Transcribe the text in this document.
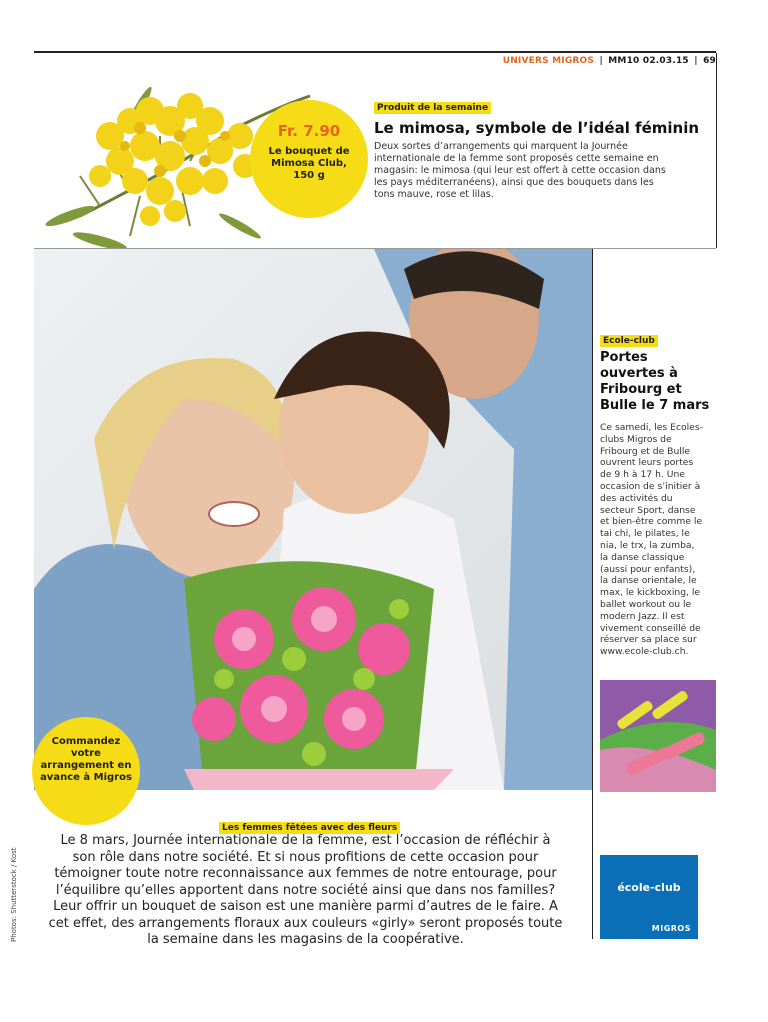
UNIVERS MIGROS | MM10 02.03.15 | 69
Fr. 7.90
Le bouquet de Mimosa Club, 150 g
Produit de la semaine
Le mimosa, symbole de l’idéal féminin
Deux sortes d’arrangements qui marquent la Journée internationale de la femme sont proposés cette semaine en magasin: le mimosa (qui leur est offert à cette occasion dans les pays méditerranéens), ainsi que des bouquets dans les tons mauve, rose et lilas.
Ecole-club
Portes ouvertes à Fribourg et Bulle le 7 mars
Ce samedi, les Ecoles-clubs Migros de Fribourg et de Bulle ouvrent leurs portes de 9 h à 17 h. Une occasion de s’initier à des activités du secteur Sport, danse et bien-être comme le tai chi, le pilates, le nia, le trx, la zumba, la danse classique (aussi pour enfants), la danse orientale, le max, le kickboxing, le ballet workout ou le modern Jazz. Il est vivement conseillé de réserver sa place sur www.ecole-club.ch.
école-club
MIGROS
Commandez votre arrangement en avance à Migros
Photos: Shutterstock / Kost
Les femmes fêtées avec des fleurs
Le 8 mars, Journée internationale de la femme, est l’occasion de réfléchir à son rôle dans notre société. Et si nous profitions de cette occasion pour témoigner toute notre reconnaissance aux femmes de notre entourage, pour l’équilibre qu’elles apportent dans notre société ainsi que dans nos familles? Leur offrir un bouquet de saison est une manière parmi d’autres de le faire. A cet effet, des arrangements floraux aux couleurs «girly» seront proposés toute la semaine dans les magasins de la coopérative.
